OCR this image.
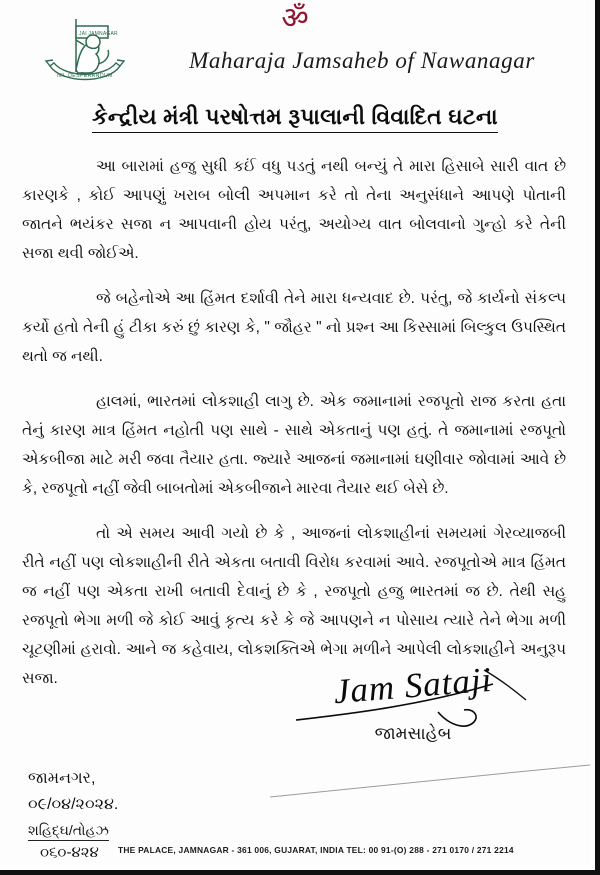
JAI JAMNAGAR
NIL DESPERANDUM
ॐ
Maharaja Jamsaheb of Nawanagar
કેન્દ્રીય મંત્રી પરષોત્તમ રૂપાલાની વિવાદિત ઘટના

આ બારામાં હજુ સુધી કઈં વધુ પડતું નથી બન્યું તે મારા હિસાબે સારી વાત છે કારણકે , કોઈ આપણું ખરાબ બોલી અપમાન કરે તો તેના અનુસંધાને આપણે પોતાની જાતને ભયંકર સજા ન આપવાની હોય પરંતુ, અયોગ્ય વાત બોલવાનો ગુન્હો કરે તેની સજા થવી જોઈએ.

જે બહેનોએ આ હિંમત દર્શાવી તેને મારા ધન્યવાદ છે. પરંતુ, જે કાર્યનો સંકલ્પ કર્યો હતો તેની હું ટીકા કરું છું કારણ કે, " જૌહર " નો પ્રશ્ન આ કિસ્સામાં બિલ્કુલ ઉપસ્થિત થતો જ નથી.

હાલમાં, ભારતમાં લોકશાહી લાગુ છે. એક જમાનામાં રજપૂતો રાજ કરતા હતા તેનું કારણ માત્ર હિંમત નહોતી પણ સાથે - સાથે એકતાનું પણ હતું. તે જમાનામાં રજપૂતો એકબીજા માટે મરી જવા તૈયાર હતા. જ્યારે આજનાં જમાનામાં ઘણીવાર જોવામાં આવે છે કે, રજપૂતો નહીં જેવી બાબતોમાં એકબીજાને મારવા તૈયાર થઈ બેસે છે.

તો એ સમય આવી ગયો છે કે , આજનાં લોકશાહીનાં સમયમાં ગેરવ્યાજબી રીતે નહીં પણ લોકશાહીની રીતે એકતા બતાવી વિરોધ કરવામાં આવે. રજપૂતોએ માત્ર હિંમત જ નહીં પણ એકતા રાખી બતાવી દેવાનું છે કે , રજપૂતો હજુ ભારતમાં જ છે. તેથી સહુ રજપૂતો ભેગા મળી જે કોઈ આવું કૃત્ય કરે કે જે આપણને ન પોસાય ત્યારે તેને ભેગા મળી ચૂટણીમાં હરાવો. આને જ કહેવાય, લોકશક્તિએ ભેગા મળીને આપેલી લોકશાહીને અનુરૂપ સજા.	Jam Sataji
જામસાહેબ
જામનગર,
૦૯/૦૪/૨૦૨૪.
શહિદ્ઘ/તોહઝ
૦૬૦-૪૨૪	THE PALACE, JAMNAGAR - 361 006, GUJARAT, INDIA TEL: 00 91-(O) 288 - 271 0170 / 271 2214
